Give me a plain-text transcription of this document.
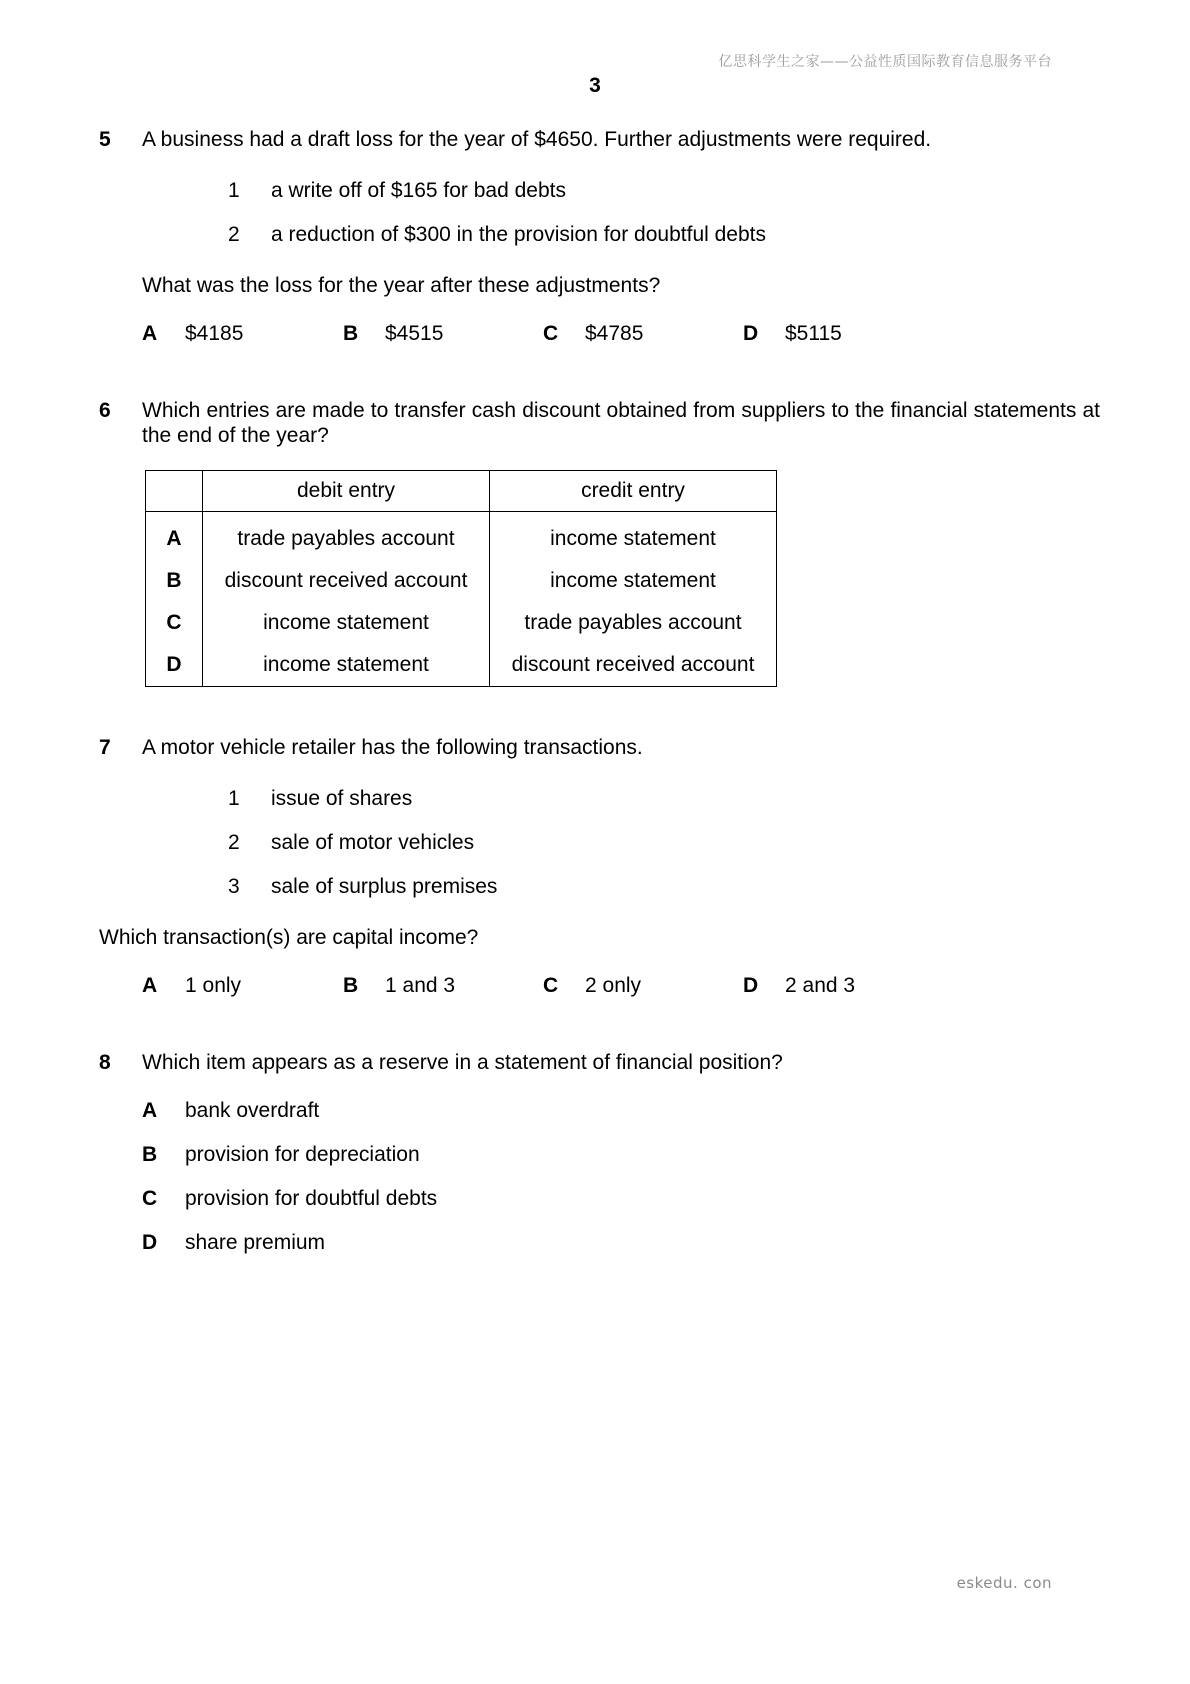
亿思科学生之家——公益性质国际教育信息服务平台
3
5 A business had a draft loss for the year of $4650. Further adjustments were required.
1 a write off of $165 for bad debts
2 a reduction of $300 in the provision for doubtful debts
What was the loss for the year after these adjustments?
A $4185	B $4515	C $4785	D $5115
6 Which entries are made to transfer cash discount obtained from suppliers to the financial statements at the end of the year?
	debit entry	credit entry
A	trade payables account	income statement
B	discount received account	income statement
C	income statement	trade payables account
D	income statement	discount received account
7 A motor vehicle retailer has the following transactions.
1 issue of shares
2 sale of motor vehicles
3 sale of surplus premises
Which transaction(s) are capital income?
A 1 only	B 1 and 3	C 2 only	D 2 and 3
8 Which item appears as a reserve in a statement of financial position?
A bank overdraft
B provision for depreciation
C provision for doubtful debts
D share premium
eskedu. con
